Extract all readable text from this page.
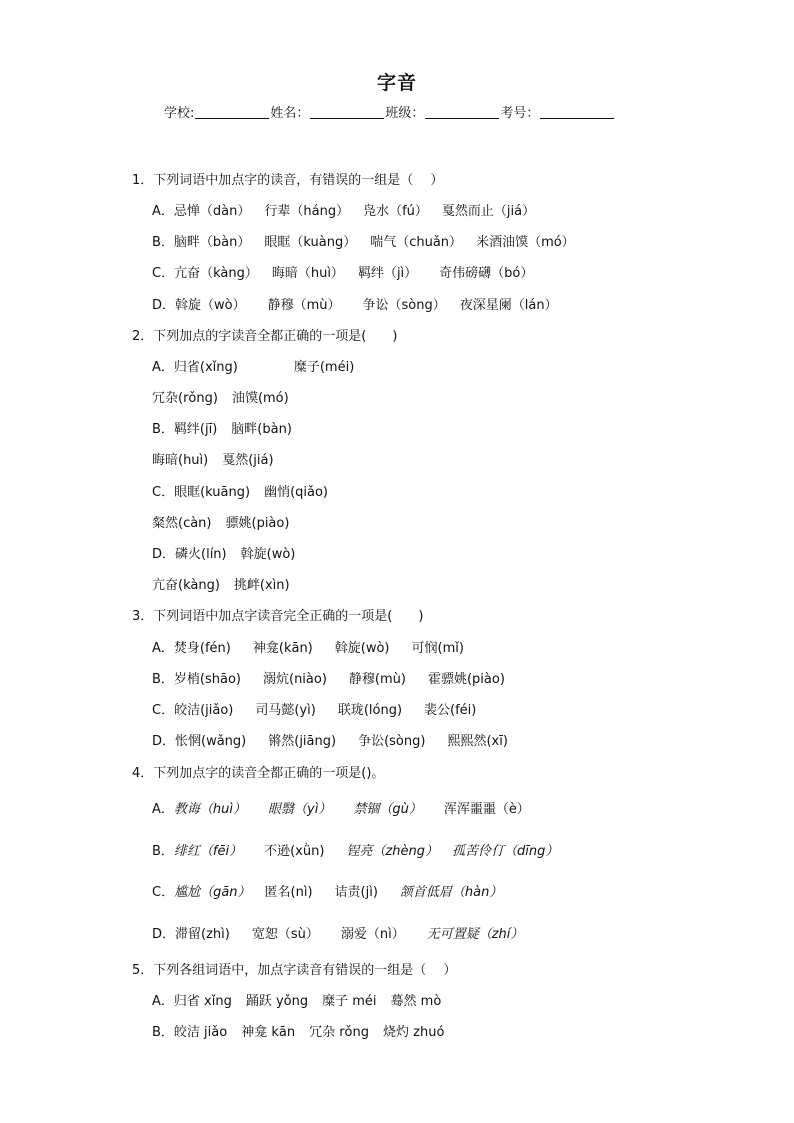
字音
学校:	姓名：	班级：	考号：
1．下列词语中加点字的读音，有错误的一组是（　 ）
A．忌惮（dàn） 行辈（háng） 凫水（fú） 戛然而止（jiá）
B．脑畔（bàn） 眼眶（kuàng） 喘气（chuǎn） 米酒油馍（mó）
C．亢奋（kàng） 晦暗（huì） 羁绊（jì） 奇伟磅礴（bó）
D．斡旋（wò） 静穆（mù） 争讼（sòng） 夜深星阑（lán）
2．下列加点的字读音全都正确的一项是(　　)
A．归省(xǐng)	糜子(méi)
冗杂(rǒng) 油馍(mó)
B．羁绊(jī) 脑畔(bàn)
晦暗(huì) 戛然(jiá)
C．眼眶(kuāng) 幽悄(qiǎo)
粲然(càn) 骠姚(piào)
D．磷火(lín) 斡旋(wò)
亢奋(kàng) 挑衅(xìn)
3．下列词语中加点字读音完全正确的一项是(　　)
A．焚身(fén) 神龛(kān) 斡旋(wò) 可悯(mǐ)
B．岁梢(shāo) 溺炕(niào) 静穆(mù) 霍骠姚(piào)
C．皎洁(jiǎo) 司马懿(yì) 联珑(lóng) 裴公(féi)
D．怅惘(wǎng) 锵然(jiāng) 争讼(sòng) 熙熙然(xī)
4．下列加点字的读音全都正确的一项是()。
A．教诲（huì） 眼翳（yì） 禁锢（gù） 浑浑噩噩（è）
B．绯红（fēi） 不逊(xǜn) 锃亮（zhèng） 孤苦伶仃（dīng）
C．尴尬（gān） 匿名(nì) 诘责(jì) 颔首低眉（hàn）
D．滞留(zhì) 宽恕（sù） 溺爱（nì） 无可置疑（zhí）
5．下列各组词语中，加点字读音有错误的一组是（　 ）
A．归省 xǐng 踊跃 yǒng 糜子 méi 蓦然 mò
B．皎洁 jiǎo 神龛 kān 冗杂 rǒng 烧灼 zhuó
